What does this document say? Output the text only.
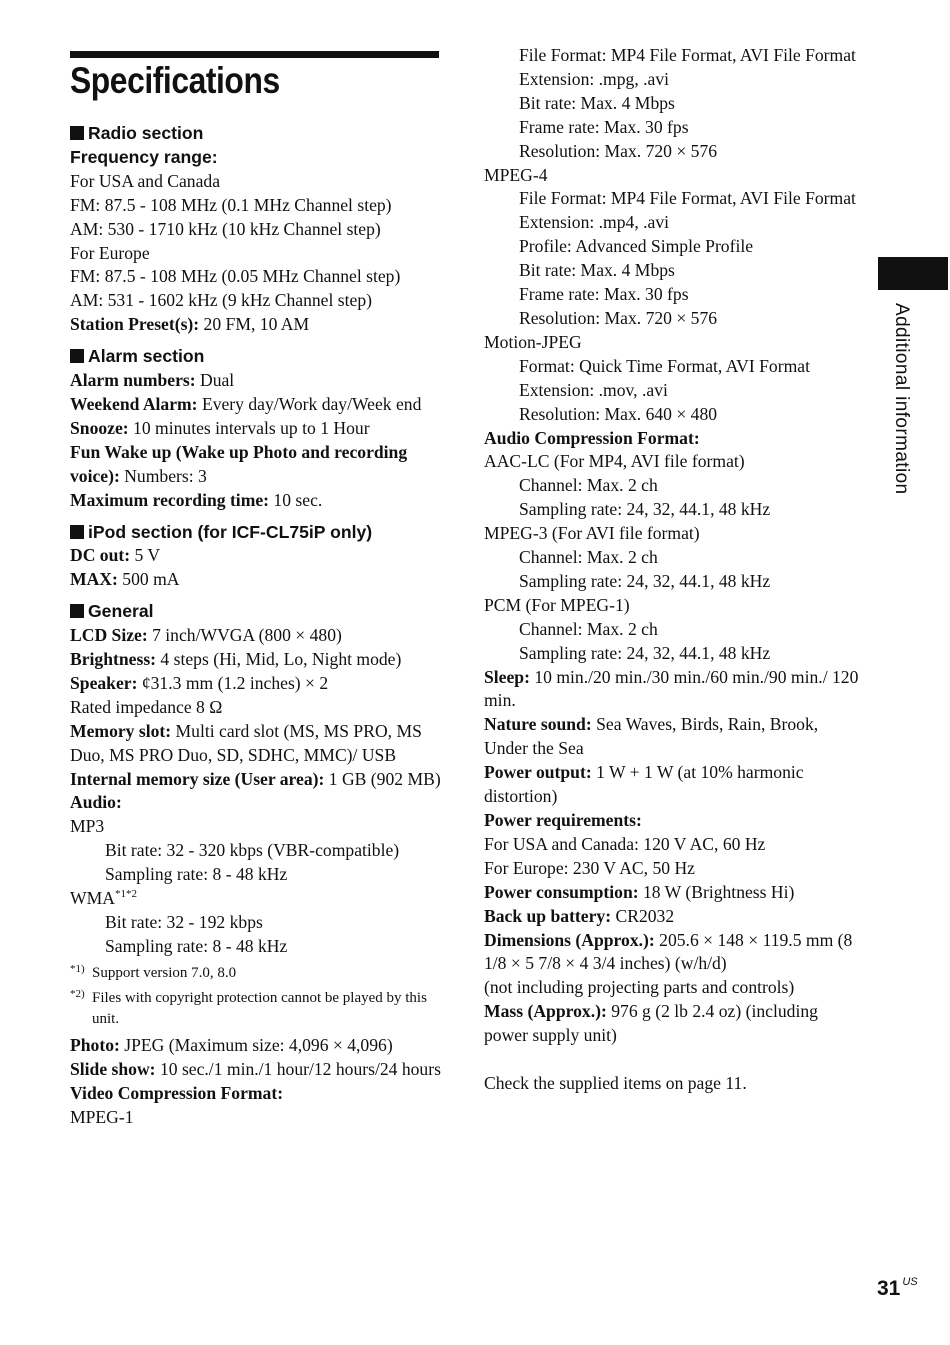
Specifications
Radio section
Frequency range:
For USA and Canada
FM: 87.5 - 108 MHz (0.1 MHz Channel step)
AM: 530 - 1710 kHz (10 kHz Channel step)
For Europe
FM: 87.5 - 108 MHz (0.05 MHz Channel step)
AM: 531 - 1602 kHz (9 kHz Channel step)
Station Preset(s): 20 FM, 10 AM
Alarm section
Alarm numbers: Dual
Weekend Alarm: Every day/Work day/Week end
Snooze: 10 minutes intervals up to 1 Hour
Fun Wake up (Wake up Photo and recording voice): Numbers: 3
Maximum recording time: 10 sec.
iPod section (for ICF-CL75iP only)
DC out: 5 V
MAX: 500 mA
General
LCD Size: 7 inch/WVGA (800 × 480)
Brightness: 4 steps (Hi, Mid, Lo, Night mode)
Speaker: ¢31.3 mm (1.2 inches) × 2
Rated impedance 8 Ω
Memory slot: Multi card slot (MS, MS PRO, MS Duo, MS PRO Duo, SD, SDHC, MMC)/ USB
Internal memory size (User area): 1 GB (902 MB)
Audio:
MP3
Bit rate: 32 - 320 kbps (VBR-compatible)
Sampling rate: 8 - 48 kHz
$WMA^{*1*2}$
Bit rate: 32 - 192 kbps
Sampling rate: 8 - 48 kHz
*1) Support version 7.0, 8.0
*2) Files with copyright protection cannot be played by this unit.
Photo: JPEG (Maximum size: 4,096 × 4,096)
Slide show: 10 sec./1 min./1 hour/12 hours/24 hours
Video Compression Format:
MPEG-1
File Format: MP4 File Format, AVI File Format
Extension: .mpg, .avi
Bit rate: Max. 4 Mbps
Frame rate: Max. 30 fps
Resolution: Max. 720 × 576
MPEG-4
File Format: MP4 File Format, AVI File Format
Extension: .mp4, .avi
Profile: Advanced Simple Profile
Bit rate: Max. 4 Mbps
Frame rate: Max. 30 fps
Resolution: Max. 720 × 576
Motion-JPEG
Format: Quick Time Format, AVI Format
Extension: .mov, .avi
Resolution: Max. 640 × 480
Audio Compression Format:
AAC-LC (For MP4, AVI file format)
Channel: Max. 2 ch
Sampling rate: 24, 32, 44.1, 48 kHz
MPEG-3 (For AVI file format)
Channel: Max. 2 ch
Sampling rate: 24, 32, 44.1, 48 kHz
PCM (For MPEG-1)
Channel: Max. 2 ch
Sampling rate: 24, 32, 44.1, 48 kHz
Sleep: 10 min./20 min./30 min./60 min./90 min./ 120 min.
Nature sound: Sea Waves, Birds, Rain, Brook, Under the Sea
Power output: 1 W + 1 W (at 10% harmonic distortion)
Power requirements:
For USA and Canada: 120 V AC, 60 Hz
For Europe: 230 V AC, 50 Hz
Power consumption: 18 W (Brightness Hi)
Back up battery: CR2032
Dimensions (Approx.): 205.6 × 148 × 119.5 mm (8 1/8 × 5 7/8 × 4 3/4 inches) (w/h/d)
(not including projecting parts and controls)
Mass (Approx.): 976 g (2 lb 2.4 oz) (including power supply unit)
Check the supplied items on page 11.
Additional information
31 $^{US}$
